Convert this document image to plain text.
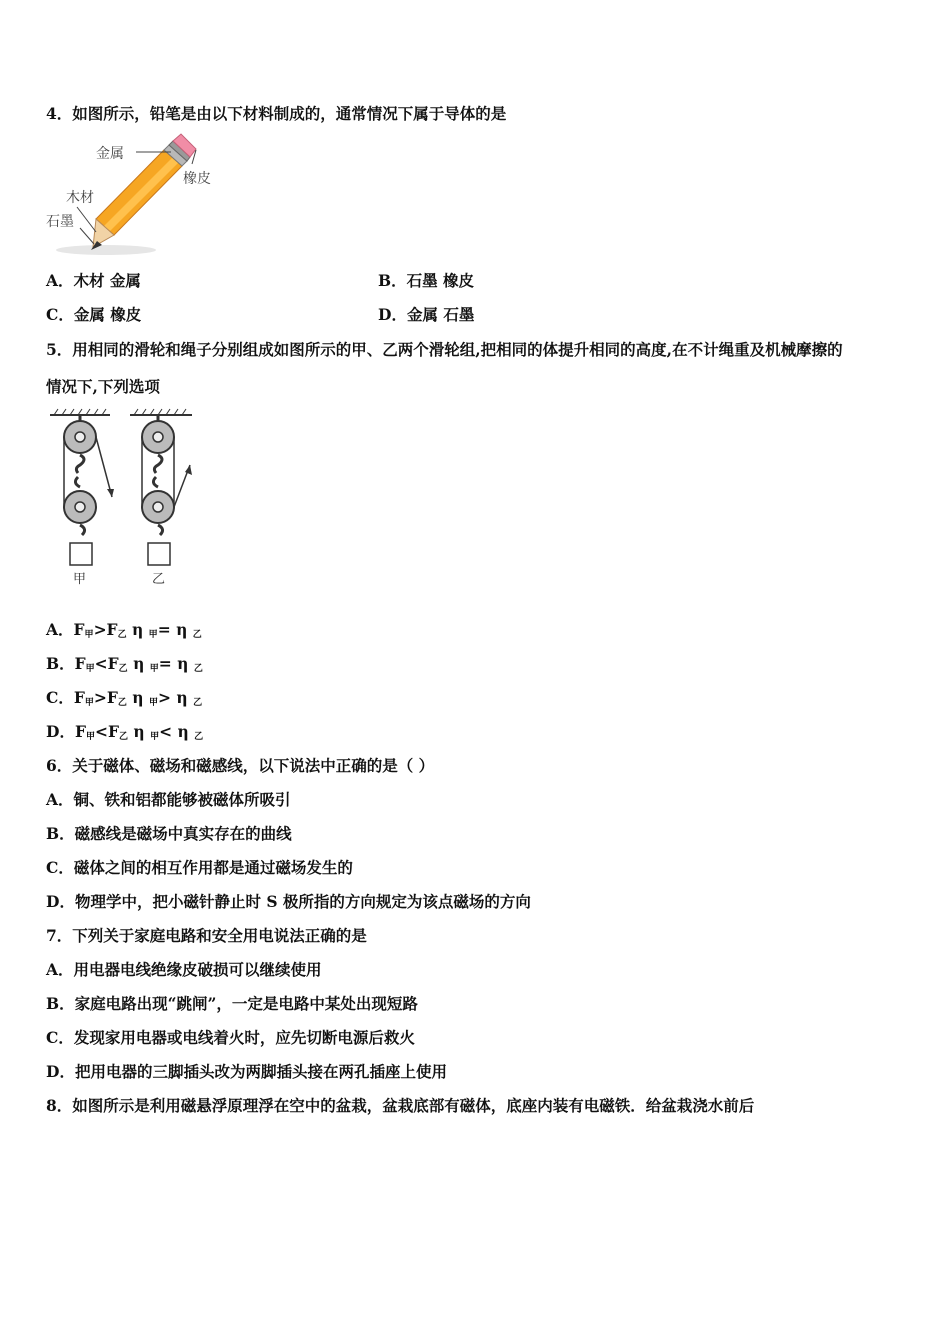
4．如图所示，铅笔是由以下材料制成的，通常情况下属于导体的是
金属
橡皮
木材
石墨
A．木材 金属	B．石墨 橡皮
C．金属 橡皮	D．金属 石墨
5．用相同的滑轮和绳子分别组成如图所示的甲、乙两个滑轮组,把相同的体提升相同的高度,在不计绳重及机械摩擦的
情况下,下列选项
甲	乙
A．$F_甲>F_乙$ η $_甲$= η $_乙$
B．$F_甲<F_乙$ η $_甲$= η $_乙$
C．$F_甲>F_乙$ η $_甲$> η $_乙$
D．$F_甲<F_乙$ η $_甲$< η $_乙$
6．关于磁体、磁场和磁感线，以下说法中正确的是（ ）
A．铜、铁和铝都能够被磁体所吸引
B．磁感线是磁场中真实存在的曲线
C．磁体之间的相互作用都是通过磁场发生的
D．物理学中，把小磁针静止时 S 极所指的方向规定为该点磁场的方向
7．下列关于家庭电路和安全用电说法正确的是
A．用电器电线绝缘皮破损可以继续使用
B．家庭电路出现“跳闸”，一定是电路中某处出现短路
C．发现家用电器或电线着火时，应先切断电源后救火
D．把用电器的三脚插头改为两脚插头接在两孔插座上使用
8．如图所示是利用磁悬浮原理浮在空中的盆栽，盆栽底部有磁体，底座内装有电磁铁．给盆栽浇水前后
